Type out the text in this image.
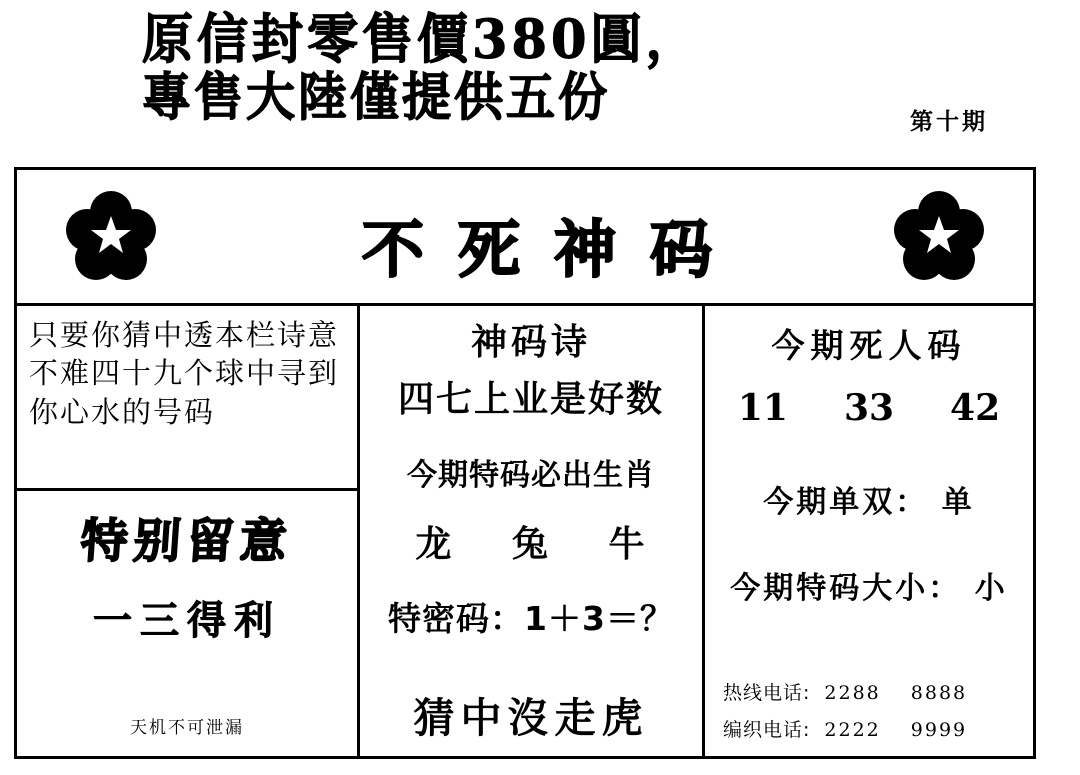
原信封零售價380圓，
專售大陸僅提供五份	第十期
不死神码
只要你猜中透本栏诗意不难四十九个球中寻到你心水的号码
特别留意
一三得利
天机不可泄漏
神码诗
四七上业是好数
今期特码必出生肖
龙 兔 牛
特密码：1＋3＝？
猜中沒走虎
今期死人码
11 33 42
今期单双： 单
今期特码大小： 小
热线电话: 2288 8888
编织电话: 2222 9999
